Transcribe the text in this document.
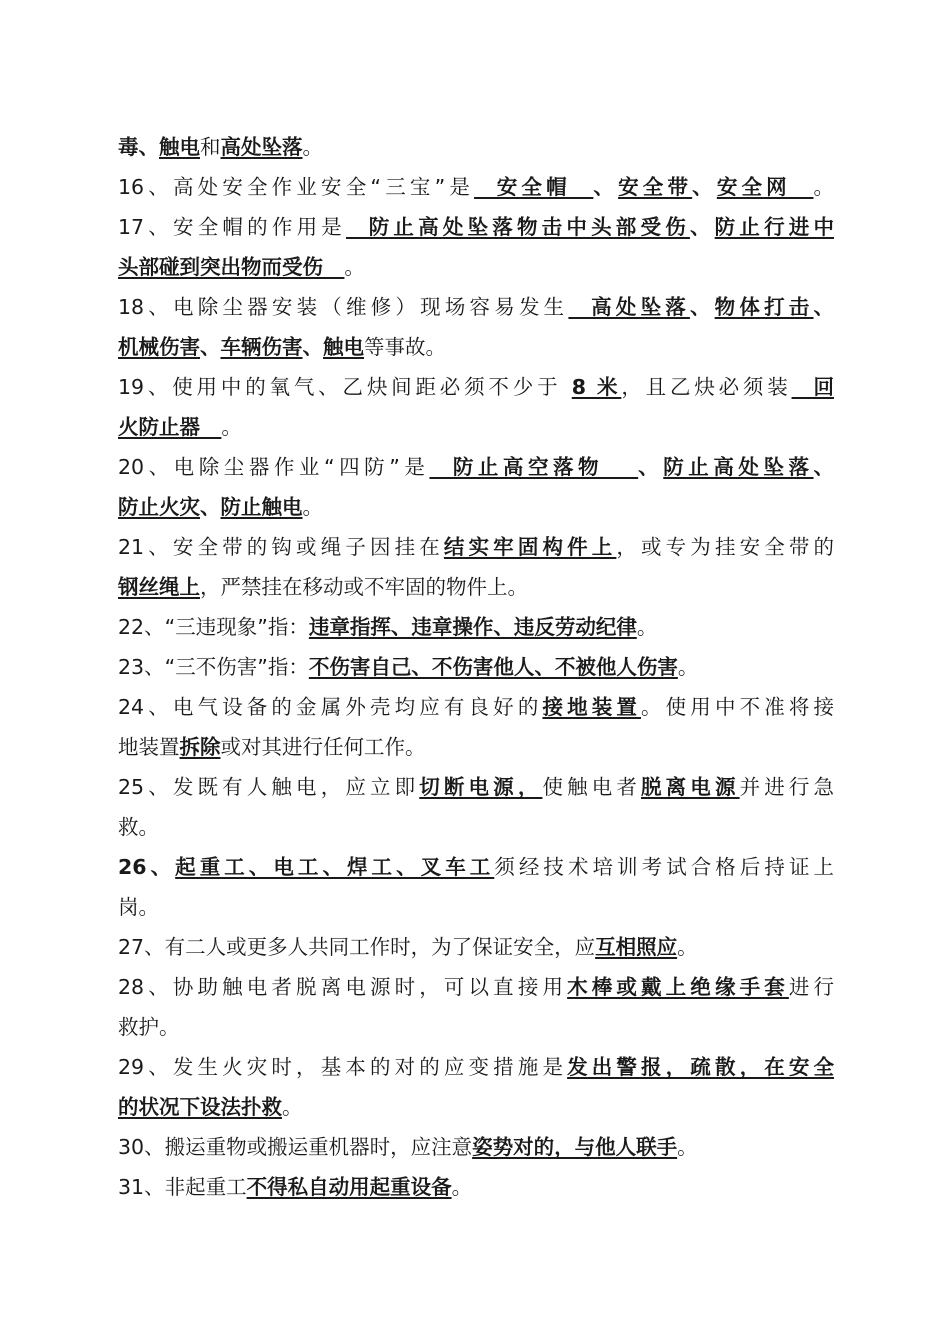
毒、触电和高处坠落。
16、高处安全作业安全“三宝”是  安全帽  、安全带、安全网  。
17、安全帽的作用是  防止高处坠落物击中头部受伤、防止行进中
头部碰到突出物而受伤   。
18、电除尘器安装（维修）现场容易发生  高处坠落、物体打击、
机械伤害、车辆伤害、触电等事故。
19、使用中的氧气、乙炔间距必须不少于 8 米，且乙炔必须装  回
火防止器   。
20、电除尘器作业“四防”是  防止高空落物   、防止高处坠落、
防止火灾、防止触电。
21、安全带的钩或绳子因挂在结实牢固构件上，或专为挂安全带的
钢丝绳上，严禁挂在移动或不牢固的物件上。
22、“三违现象”指：违章指挥、违章操作、违反劳动纪律。
23、“三不伤害”指：不伤害自己、不伤害他人、不被他人伤害。
24、电气设备的金属外壳均应有良好的接地装置。使用中不准将接
地装置拆除或对其进行任何工作。
25、发既有人触电，应立即切断电源，使触电者脱离电源并进行急
救。
26、起重工、电工、焊工、叉车工须经技术培训考试合格后持证上
岗。
27、有二人或更多人共同工作时，为了保证安全，应互相照应。
28、协助触电者脱离电源时，可以直接用木棒或戴上绝缘手套进行
救护。
29、发生火灾时，基本的对的应变措施是发出警报，疏散，在安全
的状况下设法扑救。
30、搬运重物或搬运重机器时，应注意姿势对的，与他人联手。
31、非起重工不得私自动用起重设备。
